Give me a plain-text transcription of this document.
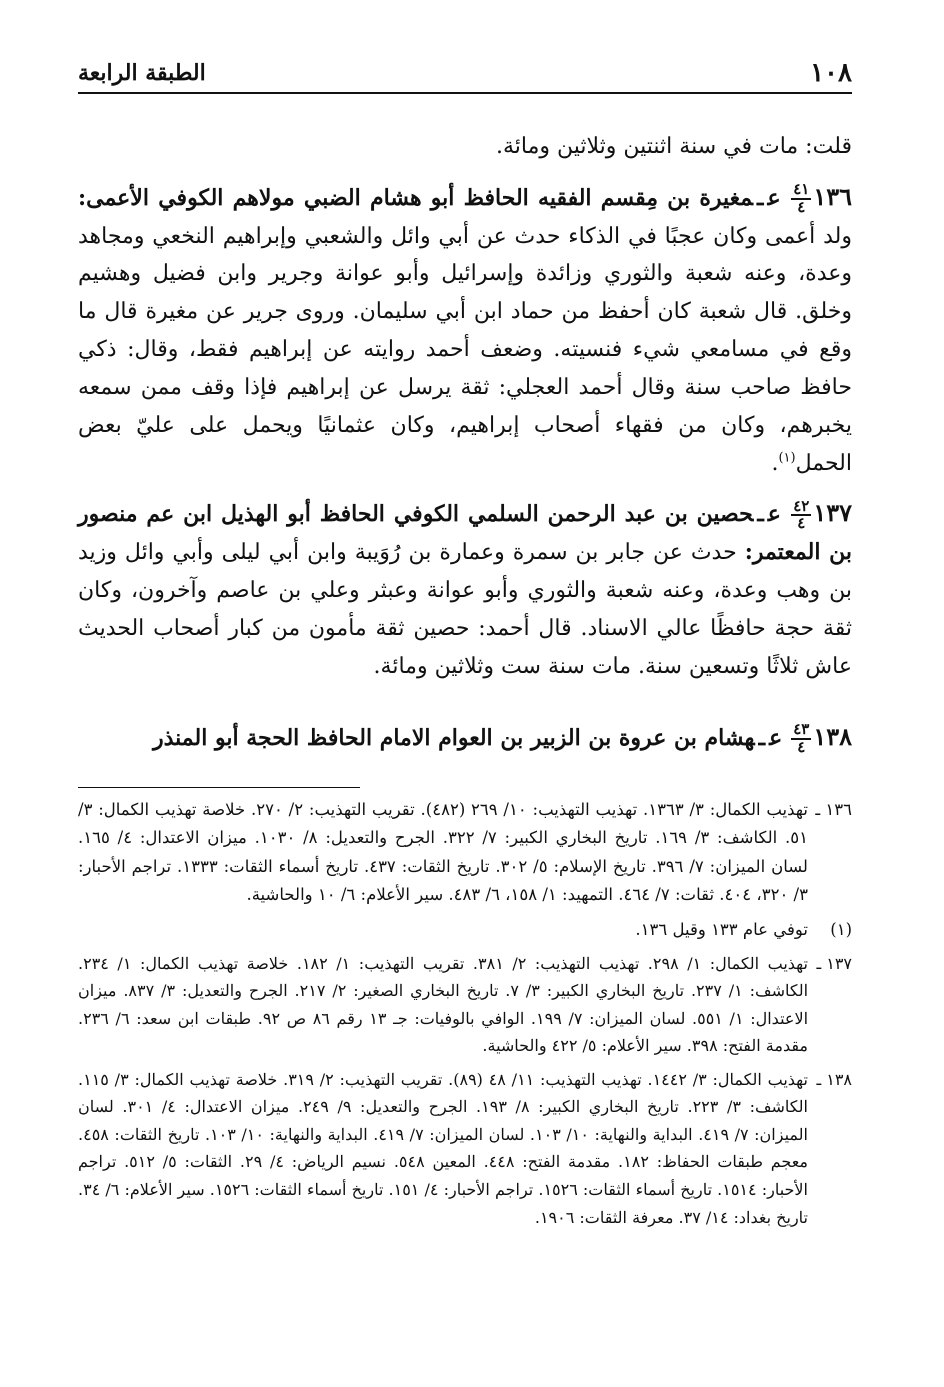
١٠٨
الطبقة الرابعة

قلت: مات في سنة اثنتين وثلاثين ومائة.

١٣٦
$\frac{٤١}{٤}$
عـمغيرة بن مِقسم الفقيه الحافظ أبو هشام الضبي مولاهم الكوفي الأعمى: ولد أعمى وكان عجبًا في الذكاء حدث عن أبي وائل والشعبي وإبراهيم النخعي ومجاهد وعدة، وعنه شعبة والثوري وزائدة وإسرائيل وأبو عوانة وجرير وابن فضيل وهشيم وخلق. قال شعبة كان أحفظ من حماد ابن أبي سليمان. وروى جرير عن مغيرة قال ما وقع في مسامعي شيء فنسيته. وضعف أحمد روايته عن إبراهيم فقط، وقال: ذكي حافظ صاحب سنة وقال أحمد العجلي: ثقة يرسل عن إبراهيم فإذا وقف ممن سمعه يخبرهم، وكان من فقهاء أصحاب إبراهيم، وكان عثمانيًا ويحمل على عليّ بعض الحمل$^{(١)}$.

١٣٧
$\frac{٤٢}{٤}$
عـحصين بن عبد الرحمن السلمي الكوفي الحافظ أبو الهذيل ابن عم منصور بن المعتمر: حدث عن جابر بن سمرة وعمارة بن رُوَيبة وابن أبي ليلى وأبي وائل وزيد بن وهب وعدة، وعنه شعبة والثوري وأبو عوانة وعبثر وعلي بن عاصم وآخرون، وكان ثقة حجة حافظًا عالي الاسناد. قال أحمد: حصين ثقة مأمون من كبار أصحاب الحديث عاش ثلاثًا وتسعين سنة. مات سنة ست وثلاثين ومائة.

١٣٨
$\frac{٤٣}{٤}$
عـهشام بن عروة بن الزبير بن العوام الامام الحافظ الحجة أبو المنذر

١٣٦ ـ
تهذيب الكمال: ٣/ ١٣٦٣. تهذيب التهذيب: ١٠/ ٢٦٩ (٤٨٢). تقريب التهذيب: ٢/ ٢٧٠. خلاصة تهذيب الكمال: ٣/ ٥١. الكاشف: ٣/ ١٦٩. تاريخ البخاري الكبير: ٧/ ٣٢٢. الجرح والتعديل: ٨/ ١٠٣٠. ميزان الاعتدال: ٤/ ١٦٥. لسان الميزان: ٧/ ٣٩٦. تاريخ الإسلام: ٥/ ٣٠٢. تاريخ الثقات: ٤٣٧. تاريخ أسماء الثقات: ١٣٣٣. تراجم الأحبار: ٣/ ٣٢٠، ٤٠٤. ثقات: ٧/ ٤٦٤. التمهيد: ١/ ١٥٨، ٦/ ٤٨٣. سير الأعلام: ٦/ ١٠ والحاشية.

(١)
توفي عام ١٣٣ وقيل ١٣٦.

١٣٧ ـ
تهذيب الكمال: ١/ ٢٩٨. تهذيب التهذيب: ٢/ ٣٨١. تقريب التهذيب: ١/ ١٨٢. خلاصة تهذيب الكمال: ١/ ٢٣٤. الكاشف: ١/ ٢٣٧. تاريخ البخاري الكبير: ٣/ ٧. تاريخ البخاري الصغير: ٢/ ٢١٧. الجرح والتعديل: ٣/ ٨٣٧. ميزان الاعتدال: ١/ ٥٥١. لسان الميزان: ٧/ ١٩٩. الوافي بالوفيات: جـ ١٣ رقم ٨٦ ص ٩٢. طبقات ابن سعد: ٦/ ٢٣٦. مقدمة الفتح: ٣٩٨. سير الأعلام: ٥/ ٤٢٢ والحاشية.

١٣٨ ـ
تهذيب الكمال: ٣/ ١٤٤٢. تهذيب التهذيب: ١١/ ٤٨ (٨٩). تقريب التهذيب: ٢/ ٣١٩. خلاصة تهذيب الكمال: ٣/ ١١٥. الكاشف: ٣/ ٢٢٣. تاريخ البخاري الكبير: ٨/ ١٩٣. الجرح والتعديل: ٩/ ٢٤٩. ميزان الاعتدال: ٤/ ٣٠١. لسان الميزان: ٧/ ٤١٩. البداية والنهاية: ١٠/ ١٠٣. لسان الميزان: ٧/ ٤١٩. البداية والنهاية: ١٠/ ١٠٣. تاريخ الثقات: ٤٥٨. معجم طبقات الحفاظ: ١٨٢. مقدمة الفتح: ٤٤٨. المعين ٥٤٨. نسيم الرياض: ٤/ ٢٩. الثقات: ٥/ ٥١٢. تراجم الأحبار: ١٥١٤. تاريخ أسماء الثقات: ١٥٢٦. تراجم الأحبار: ٤/ ١٥١. تاريخ أسماء الثقات: ١٥٢٦. سير الأعلام: ٦/ ٣٤. تاريخ بغداد: ١٤/ ٣٧. معرفة الثقات: ١٩٠٦.
